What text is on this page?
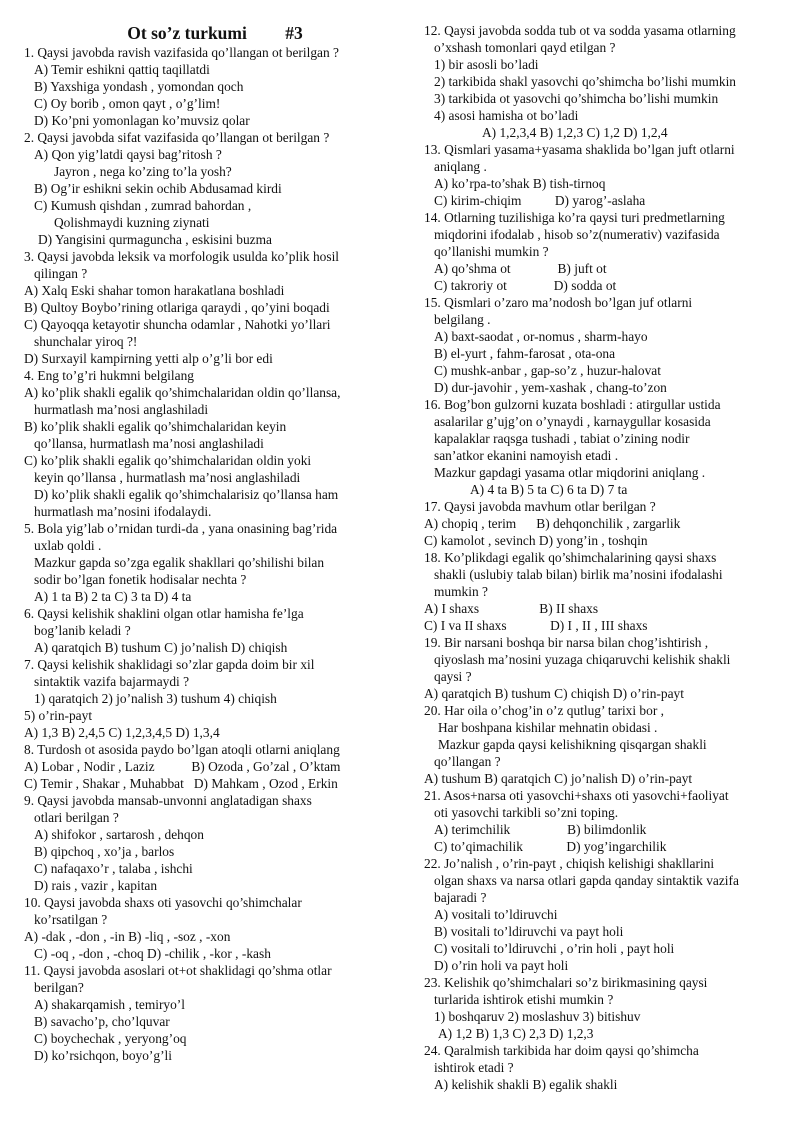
Ot so’z turkumi #3
1. Qaysi javobda ravish vazifasida qo’llangan ot berilgan ?
A) Temir eshikni qattiq taqillatdi
B) Yaxshiga yondash , yomondan qoch
C) Oy borib , omon qayt , o’g’lim!
D) Ko’pni yomonlagan ko’muvsiz qolar
2. Qaysi javobda sifat vazifasida qo’llangan ot berilgan ?
A) Qon yig’latdi qaysi bag’ritosh ?
Jayron , nega ko’zing to’la yosh?
B) Og’ir eshikni sekin ochib Abdusamad kirdi
C) Kumush qishdan , zumrad bahordan ,
Qolishmaydi kuzning ziynati
D) Yangisini qurmaguncha , eskisini buzma
3. Qaysi javobda leksik va morfologik usulda ko’plik hosil
qilingan ?
A) Xalq Eski shahar tomon harakatlana boshladi
B) Qultoy Boybo’rining otlariga qaraydi , qo’yini boqadi
C) Qayoqqa ketayotir shuncha odamlar , Nahotki yo’llari
shunchalar yiroq ?!
D) Surxayil kampirning yetti alp o’g’li bor edi
4. Eng to’g’ri hukmni belgilang
A) ko’plik shakli egalik qo’shimchalaridan oldin qo’llansa,
hurmatlash ma’nosi anglashiladi
B) ko’plik shakli egalik qo’shimchalaridan keyin
qo’llansa, hurmatlash ma’nosi anglashiladi
C) ko’plik shakli egalik qo’shimchalaridan oldin yoki
keyin qo’llansa , hurmatlash ma’nosi anglashiladi
D) ko’plik shakli egalik qo’shimchalarisiz qo’llansa ham
hurmatlash ma’nosini ifodalaydi.
5. Bola yig’lab o’rnidan turdi-da , yana onasining bag’rida
uxlab qoldi .
Mazkur gapda so’zga egalik shakllari qo’shilishi bilan
sodir bo’lgan fonetik hodisalar nechta ?
A) 1 ta B) 2 ta C) 3 ta D) 4 ta
6. Qaysi kelishik shaklini olgan otlar hamisha fe’lga
bog’lanib keladi ?
A) qaratqich B) tushum C) jo’nalish D) chiqish
7. Qaysi kelishik shaklidagi so’zlar gapda doim bir xil
sintaktik vazifa bajarmaydi ?
1) qaratqich 2) jo’nalish 3) tushum 4) chiqish
5) o’rin-payt
A) 1,3 B) 2,4,5 C) 1,2,3,4,5 D) 1,3,4
8. Turdosh ot asosida paydo bo’lgan atoqli otlarni aniqlang
A) Lobar , Nodir , Laziz           B) Ozoda , Go’zal , O’ktam
C) Temir , Shakar , Muhabbat   D) Mahkam , Ozod , Erkin
9. Qaysi javobda mansab-unvonni anglatadigan shaxs
otlari berilgan ?
A) shifokor , sartarosh , dehqon
B) qipchoq , xo’ja , barlos
C) nafaqaxo’r , talaba , ishchi
D) rais , vazir , kapitan
10. Qaysi javobda shaxs oti yasovchi qo’shimchalar
ko’rsatilgan ?
A) -dak , -don , -in B) -liq , -soz , -xon
C) -oq , -don , -choq D) -chilik , -kor , -kash
11. Qaysi javobda asoslari ot+ot shaklidagi qo’shma otlar
berilgan?
A) shakarqamish , temiryo’l
B) savacho’p, cho’lquvar
C) boychechak , yeryong’oq
D) ko’rsichqon, boyo’g’li
12. Qaysi javobda sodda tub ot va sodda yasama otlarning
o’xshash tomonlari qayd etilgan ?
1) bir asosli bo’ladi
2) tarkibida shakl yasovchi qo’shimcha bo’lishi mumkin
3) tarkibida ot yasovchi qo’shimcha bo’lishi mumkin
4) asosi hamisha ot bo’ladi
A) 1,2,3,4 B) 1,2,3 C) 1,2 D) 1,2,4
13. Qismlari yasama+yasama shaklida bo’lgan juft otlarni
aniqlang .
A) ko’rpa-to’shak B) tish-tirnoq
C) kirim-chiqim          D) yarog’-aslaha
14. Otlarning tuzilishiga ko’ra qaysi turi predmetlarning
miqdorini ifodalab , hisob so’z(numerativ) vazifasida
qo’llanishi mumkin ?
A) qo’shma ot              B) juft ot
C) takroriy ot              D) sodda ot
15. Qismlari o’zaro ma’nodosh bo’lgan juf otlarni
belgilang .
A) baxt-saodat , or-nomus , sharm-hayo
B) el-yurt , fahm-farosat , ota-ona
C) mushk-anbar , gap-so’z , huzur-halovat
D) dur-javohir , yem-xashak , chang-to’zon
16. Bog’bon gulzorni kuzata boshladi : atirgullar ustida
asalarilar g’ujg’on o’ynaydi , karnaygullar kosasida
kapalaklar raqsga tushadi , tabiat o’zining nodir
san’atkor ekanini namoyish etadi .
Mazkur gapdagi yasama otlar miqdorini aniqlang .
A) 4 ta B) 5 ta C) 6 ta D) 7 ta
17. Qaysi javobda mavhum otlar berilgan ?
A) chopiq , terim      B) dehqonchilik , zargarlik
C) kamolot , sevinch D) yong’in , toshqin
18. Ko’plikdagi egalik qo’shimchalarining qaysi shaxs
shakli (uslubiy talab bilan) birlik ma’nosini ifodalashi
mumkin ?
A) I shaxs                  B) II shaxs
C) I va II shaxs             D) I , II , III shaxs
19. Bir narsani boshqa bir narsa bilan chog’ishtirish ,
qiyoslash ma’nosini yuzaga chiqaruvchi kelishik shakli
qaysi ?
A) qaratqich B) tushum C) chiqish D) o’rin-payt
20. Har oila o’chog’in o’z qutlug’ tarixi bor ,
Har boshpana kishilar mehnatin obidasi .
Mazkur gapda qaysi kelishikning qisqargan shakli
qo’llangan ?
A) tushum B) qaratqich C) jo’nalish D) o’rin-payt
21. Asos+narsa oti yasovchi+shaxs oti yasovchi+faoliyat
oti yasovchi tarkibli so’zni toping.
A) terimchilik                 B) bilimdonlik
C) to’qimachilik             D) yog’ingarchilik
22. Jo’nalish , o’rin-payt , chiqish kelishigi shakllarini
olgan shaxs va narsa otlari gapda qanday sintaktik vazifa
bajaradi ?
A) vositali to’ldiruvchi
B) vositali to’ldiruvchi va payt holi
C) vositali to’ldiruvchi , o’rin holi , payt holi
D) o’rin holi va payt holi
23. Kelishik qo’shimchalari so’z birikmasining qaysi
turlarida ishtirok etishi mumkin ?
1) boshqaruv 2) moslashuv 3) bitishuv
A) 1,2 B) 1,3 C) 2,3 D) 1,2,3
24. Qaralmish tarkibida har doim qaysi qo’shimcha
ishtirok etadi ?
A) kelishik shakli B) egalik shakli
